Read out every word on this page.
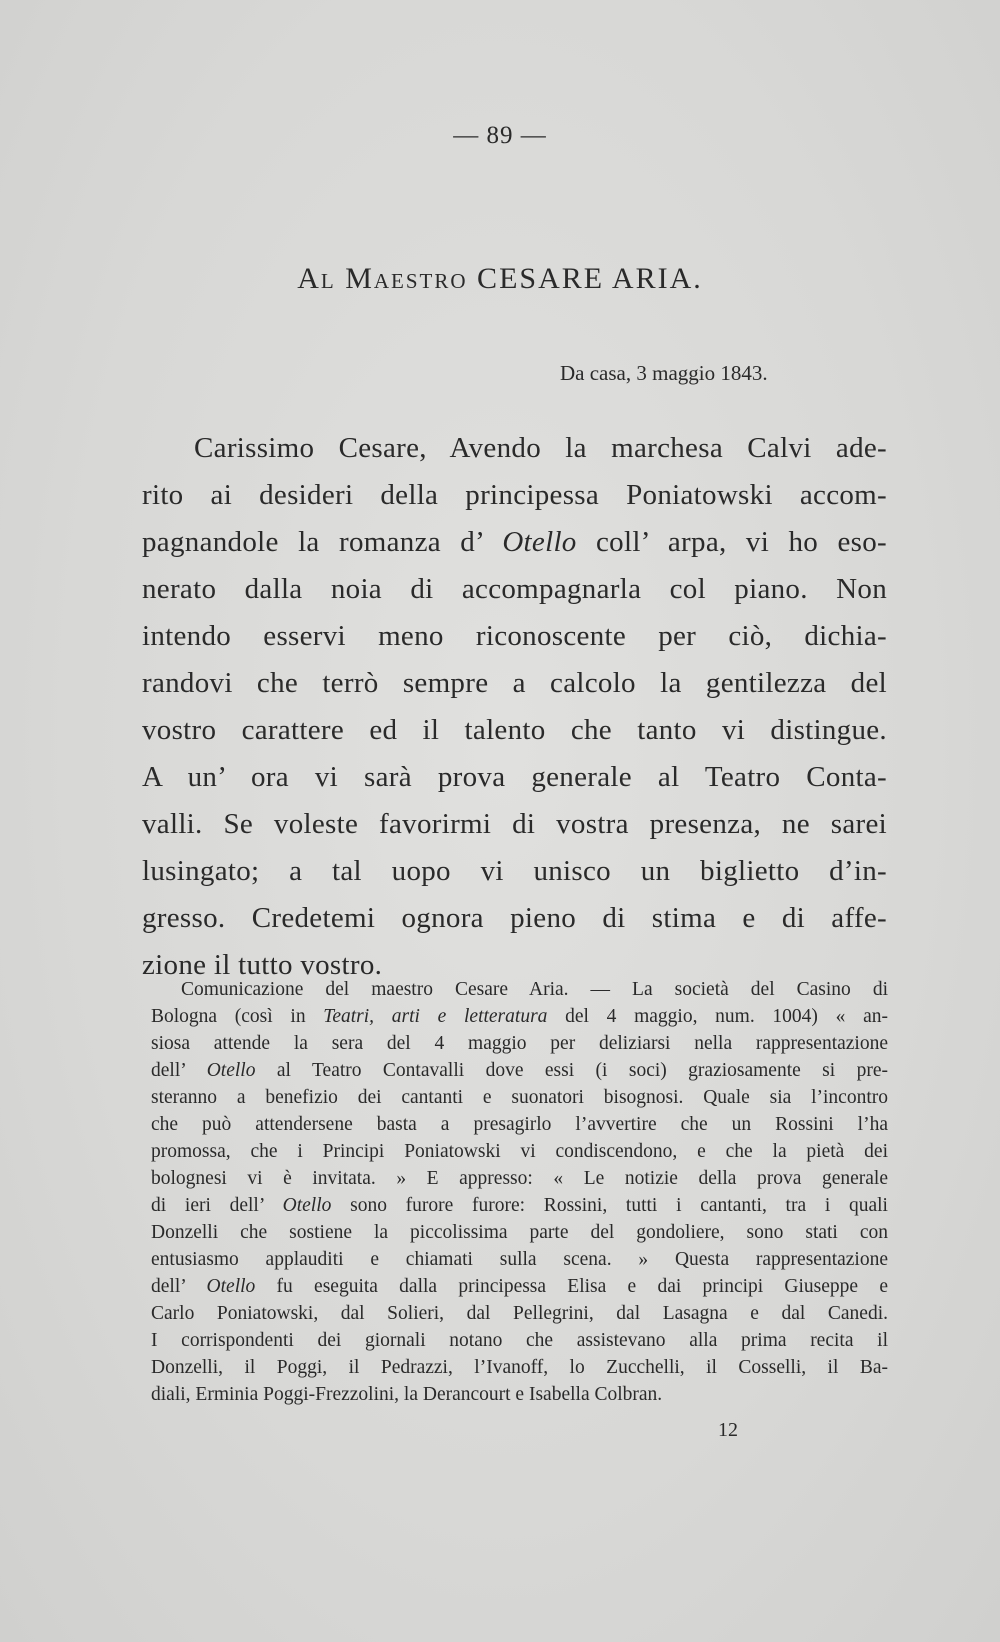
— 89 —
Al Maestro CESARE ARIA.
Da casa, 3 maggio 1843.
Carissimo Cesare, Avendo la marchesa Calvi ade-
rito ai desideri della principessa Poniatowski accom-
pagnandole la romanza d’ Otello coll’ arpa, vi ho eso-
nerato dalla noia di accompagnarla col piano. Non
intendo esservi meno riconoscente per ciò, dichia-
randovi che terrò sempre a calcolo la gentilezza del
vostro carattere ed il talento che tanto vi distingue.
A un’ ora vi sarà prova generale al Teatro Conta-
valli. Se voleste favorirmi di vostra presenza, ne sarei
lusingato; a tal uopo vi unisco un biglietto d’in-
gresso. Credetemi ognora pieno di stima e di affe-
zione il tutto vostro.
Comunicazione del maestro Cesare Aria. — La società del Casino di
Bologna (così in Teatri, arti e letteratura del 4 maggio, num. 1004) « an-
siosa attende la sera del 4 maggio per deliziarsi nella rappresentazione
dell’ Otello al Teatro Contavalli dove essi (i soci) graziosamente si pre-
steranno a benefizio dei cantanti e suonatori bisognosi. Quale sia l’incontro
che può attendersene basta a presagirlo l’avvertire che un Rossini l’ha
promossa, che i Principi Poniatowski vi condiscendono, e che la pietà dei
bolognesi vi è invitata. » E appresso: « Le notizie della prova generale
di ieri dell’ Otello sono furore furore: Rossini, tutti i cantanti, tra i quali
Donzelli che sostiene la piccolissima parte del gondoliere, sono stati con
entusiasmo applauditi e chiamati sulla scena. » Questa rappresentazione
dell’ Otello fu eseguita dalla principessa Elisa e dai principi Giuseppe e
Carlo Poniatowski, dal Solieri, dal Pellegrini, dal Lasagna e dal Canedi.
I corrispondenti dei giornali notano che assistevano alla prima recita il
Donzelli, il Poggi, il Pedrazzi, l’Ivanoff, lo Zucchelli, il Cosselli, il Ba-
diali, Erminia Poggi-Frezzolini, la Derancourt e Isabella Colbran.
12
